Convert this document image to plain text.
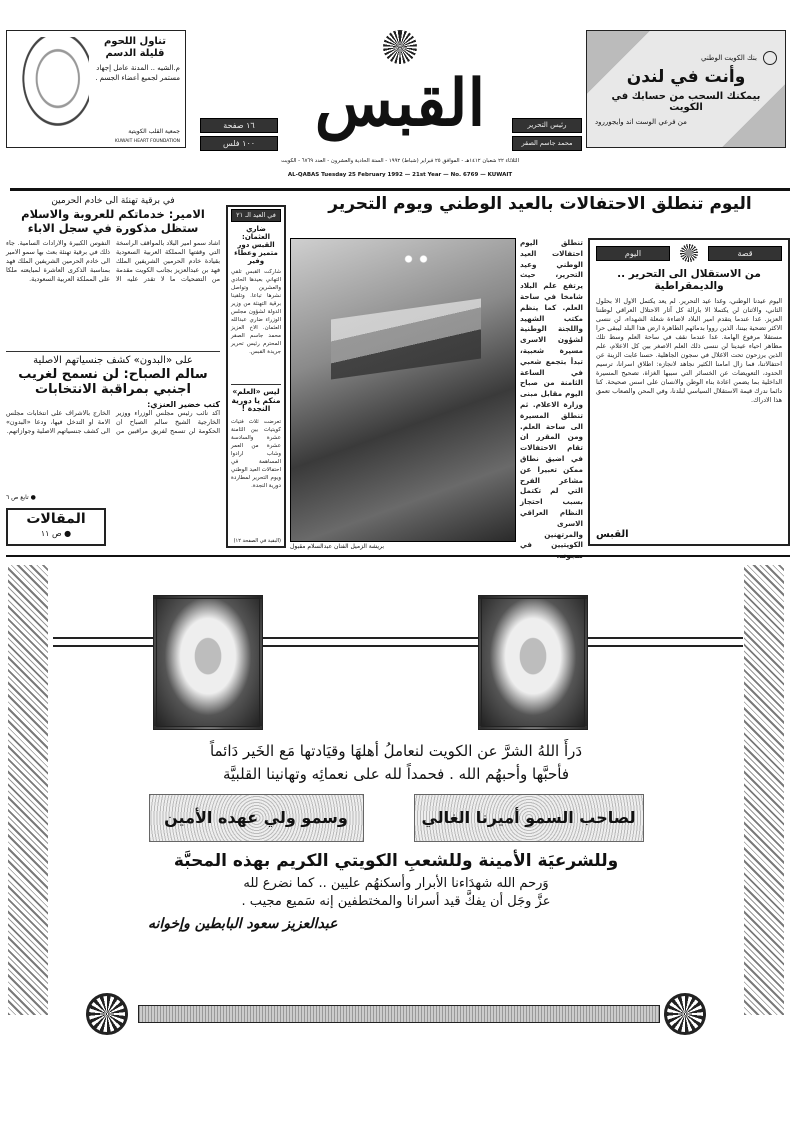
تناول اللحوم قليلة الدسم
م.الشيه .. المدنة عامل إجهاد مستمر لجميع أعضاء الجسم .
جمعية القلب الكويتية
KUWAIT HEART FOUNDATION
١٦ صفحة
١٠٠ فلس
القبس	رئيس التحرير
محمد جاسم الصقر
بنك الكويت الوطني
وأنت في لندن
بيمكنك السحب من حسابك في الكويت
من فرعي الوست اند وايجوررود
الثلاثاء ٢٢ شعبان ١٤١٢هـ - الموافق ٢٥ فبراير (شباط) ١٩٩٢ - السنة الحادية والعشرون - العدد ٦٧٦٩ - الكويت
AL-QABAS Tuesday 25 February 1992 — 21st Year — No. 6769 — KUWAIT
اليوم تنطلق الاحتفالات بالعيد الوطني ويوم التحرير
قصة
اليوم
من الاستقلال الى التحرير .. والديمقراطية
اليوم عيدنا الوطني، وغدا عيد التحرير. لم يعد يكتمل الاول الا بحلول الثاني، والاثنان لن يكتملا الا بازالة كل آثار الاحتلال العراقي لوطننا العزيز. غدا عندما يتقدم امير البلاد لاضاءة شعلة الشهداء، لن ننسى الاكثر تضحية بيننا، الذين رووا بدمائهم الطاهرة ارض هذا البلد ليبقى حرا مستقلا مرفوع الهامة. غدا عندما نقف في ساحة العلم وسط تلك مظاهر احياء عيدينا لن ننسى ذلك العلم الاصغر بين كل الاعلام، علم الذين يرزحون تحت الاغلال في سجون الجاهلية. حسنا غابت الزينة عن احتفالاتنا، فما زال امامنا الكثير نجاهد لانجازه: اطلاق اسرانا، ترسيم الحدود، التعويضات عن الخسائر التي سببها الغزاة، تصحيح المسيرة الداخلية بما يضمن اعادة بناء الوطن والانسان على اسس صحيحة. كنا دائما ندرك قيمة الاستقلال السياسي لبلدنا، وفي المحن والصعاب تعمق هذا الادراك.
القبس
تنطلق اليوم احتفالات العيد الوطني وعيد التحرير، حيث يرتفع علم البلاد شامخا في ساحة العلم. كما ينظم مكتب الشهيد واللجنة الوطنية لشؤون الاسرى مسيرة شعبية، تبدأ بتجمع شعبي في الساعة الثامنة من صباح اليوم مقابل مبنى وزارة الاعلام. ثم تنطلق المسيرة الى ساحة العلم. ومن المقرر ان تقام الاحتفالات في اضيق نطاق ممكن تعبيرا عن مشاعر الفرح التي لم تكتمل بسبب احتجاز النظام العراقي الاسرى والمرتهنين الكويتيين في
بريشة الزميل الفنان عبدالسلام مقبول
في العيد الـ ٢١
ضاري العثمان: القبس دور متميز وعطاء وفير
شاركت القبس تلقي التهاني بعيدها الحادي والعشرين وتواصل نشرها تباعا. وتلقينا برقية التهنئة من وزير الدولة لشؤون مجلس الوزراء ضاري عبدالله العثمان. الاخ العزيز محمد جاسم الصقر المحترم رئيس تحرير جريدة القبس.
ليس «العلم» منكم يا دورية النجدة !
تعرضت ثلاث فتيات كويتيات بين الثامنة عشرة والسادسة عشرة من العمر وشاب ارادوا المساهمة في احتفالات العيد الوطني ويوم التحرير لمطاردة دورية النجدة.
(البقية في الصفحة ١٢)
في برقية تهنئة الى خادم الحرمين
الامير: خدماتكم للعروبة والاسلام ستظل مذكورة في سجل الاباء
اشاد سمو امير البلاد بالمواقف الراسخة التي وقفتها المملكة العربية السعودية بقيادة خادم الحرمين الشريفين الملك فهد بن عبدالعزيز بجانب الكويت مقدمة من التضحيات ما لا تقدر عليه الا النفوس الكبيرة والارادات السامية. جاء ذلك في برقية تهنئة بعث بها سمو الامير الى خادم الحرمين الشريفين الملك فهد بمناسبة الذكرى العاشرة لمبايعته ملكا على المملكة العربية السعودية.
على «البدون» كشف جنسياتهم الاصلية
سالم الصباح: لن نسمح لغريب اجنبي بمراقبة الانتخابات
كتب خضير العنزي:
اكد نائب رئيس مجلس الوزراء ووزير الخارجية الشيخ سالم الصباح ان الحكومة لن تسمح لفريق مراقبين من الخارج بالاشراف على انتخابات مجلس الامة او التدخل فيها، ودعا «البدون» الى كشف جنسياتهم الاصلية وجوازاتهم.
● تابع ص ٦
المقالات
● ص ١١
دَرأَ اللهُ الشرَّ عن الكويت لنعاملُ أهلهَا وقيَادتها مَع الخَير دَائماً
فأحبَّها وأحبهُم الله . فحمداً لله على نعمائِه وتهانينا القلبيَّة
لصاحب السمو أميرنا الغالي
وسمو ولي عهده الأمين
وللشرعيَة الأمينة وللشعبِ الكويتي الكريم بهذه المحبَّة
وَرحم الله شهدَاءنا الأبرار وأسكنهُم عليين .. كما نضرع لله
عزَّ وجَل أن يفكَّ قيد أسرانا والمختطفين إنه سَميع مجيب .
عبدالعزيز سعود البابطين وإخوانه
